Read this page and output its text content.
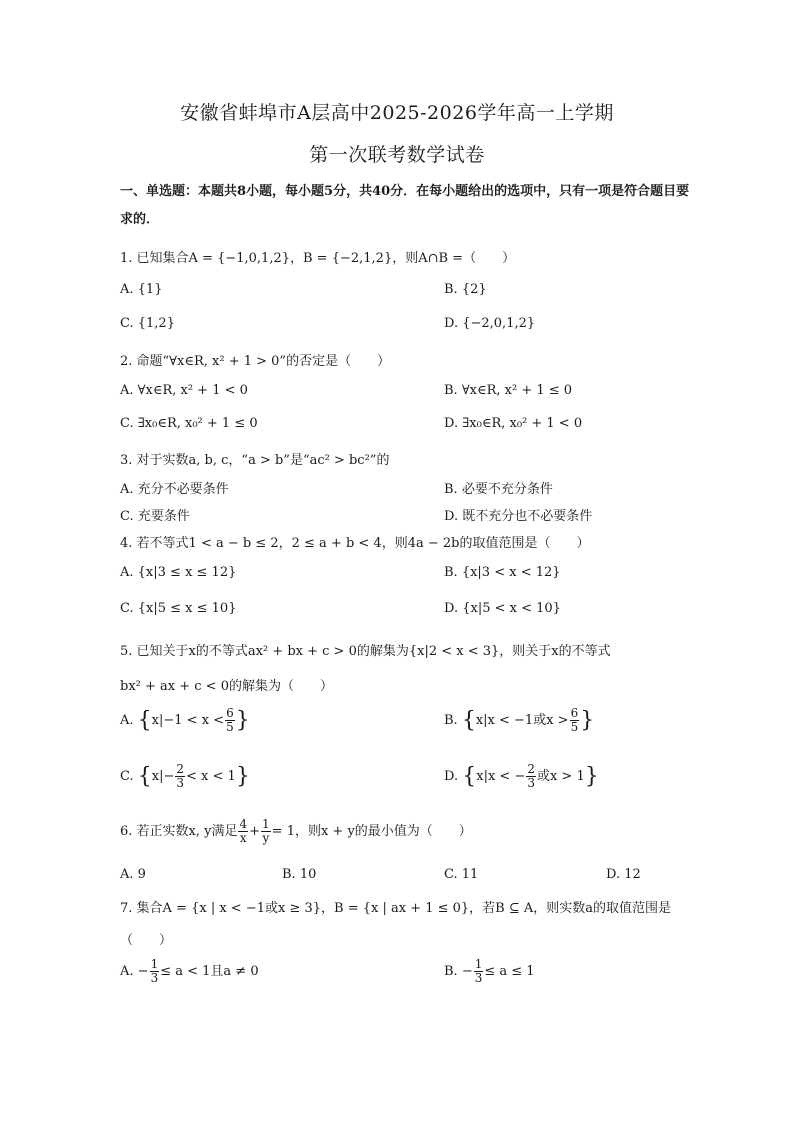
安徽省蚌埠市A层高中2025-2026学年高一上学期
第一次联考数学试卷
一、单选题：本题共8小题，每小题5分，共40分．在每小题给出的选项中，只有一项是符合题目要求的．
1. 已知集合A = {−1,0,1,2}，B = {−2,1,2}，则A∩B =（　　）
A. {1}	B. {2}
C. {1,2}	D. {−2,0,1,2}
2. 命题“∀x∈R, x² + 1 > 0”的否定是（　　）
A. ∀x∈R, x² + 1 < 0	B. ∀x∈R, x² + 1 ≤ 0
C. ∃x₀∈R, x₀² + 1 ≤ 0	D. ∃x₀∈R, x₀² + 1 < 0
3. 对于实数a, b, c，“a > b”是“ac² > bc²”的
A. 充分不必要条件	B. 必要不充分条件
C. 充要条件	D. 既不充分也不必要条件
4. 若不等式1 < a − b ≤ 2，2 ≤ a + b < 4，则4a − 2b的取值范围是（　　）
A. {x|3 ≤ x ≤ 12}	B. {x|3 < x < 12}
C. {x|5 ≤ x ≤ 10}	D. {x|5 < x < 10}
5. 已知关于x的不等式ax² + bx + c > 0的解集为{x|2 < x < 3}，则关于x的不等式
bx² + ax + c < 0的解集为（　　）
A. {$x|-1 < x < \frac{6}{5}$ }	B. {x|x < −1或$x > \frac{6}{5}$ }
C. $\{x|- \frac{2}{3} < x < 1\}$	D. {x|x < − $\frac{2}{3}$ 或x > 1}
6. 若正实数x, y满足 $\frac{4}{x} + \frac{1}{y} = 1$，则x + y的最小值为（　　）
A. 9	B. 10	C. 11	D. 12
7. 集合A = {x | x < −1或x ≥ 3}，B = {x | ax + 1 ≤ 0}，若B ⊆ A，则实数a的取值范围是
（　　）
A. − $\frac{1}{3} \le a < 1$且a ≠ 0	B. − $\frac{1}{3} \le a \le 1$
